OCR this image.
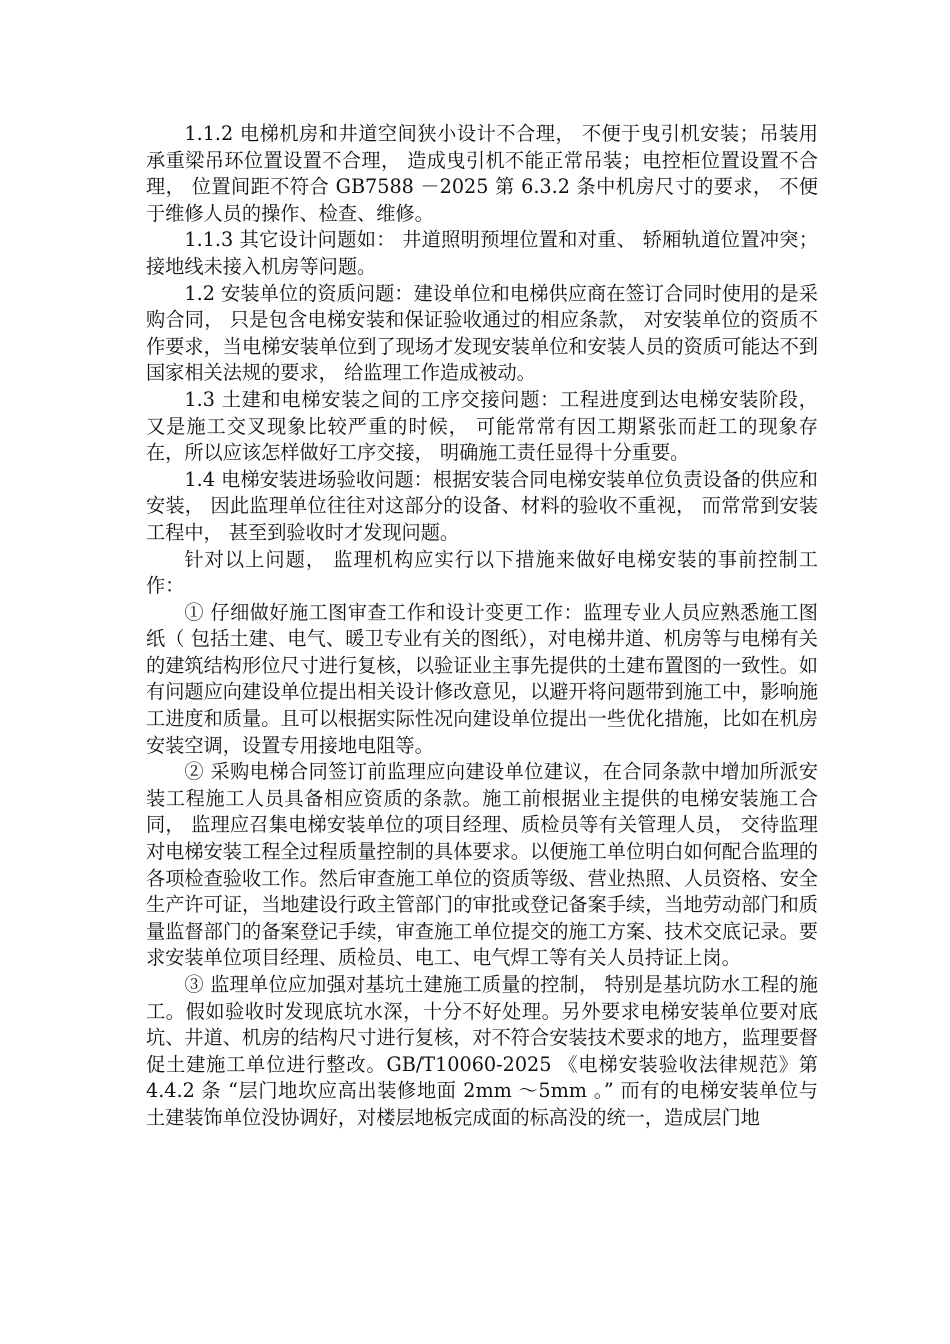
1.1.2 电梯机房和井道空间狭小设计不合理， 不便于曳引机安装；吊装用承重梁吊环位置设置不合理， 造成曳引机不能正常吊装；电控柜位置设置不合理， 位置间距不符合 GB7588 －2025 第 6.3.2 条中机房尺寸的要求， 不便于维修人员的操作、检查、维修。

1.1.3 其它设计问题如： 井道照明预埋位置和对重、 轿厢轨道位置冲突； 接地线未接入机房等问题。

1.2 安装单位的资质问题：建设单位和电梯供应商在签订合同时使用的是采购合同， 只是包含电梯安装和保证验收通过的相应条款， 对安装单位的资质不作要求，当电梯安装单位到了现场才发现安装单位和安装人员的资质可能达不到国家相关法规的要求， 给监理工作造成被动。

1.3 土建和电梯安装之间的工序交接问题：工程进度到达电梯安装阶段， 又是施工交叉现象比较严重的时候， 可能常常有因工期紧张而赶工的现象存在，所以应该怎样做好工序交接， 明确施工责任显得十分重要。

1.4 电梯安装进场验收问题：根据安装合同电梯安装单位负责设备的供应和安装， 因此监理单位往往对这部分的设备、材料的验收不重视， 而常常到安装工程中， 甚至到验收时才发现问题。

针对以上问题， 监理机构应实行以下措施来做好电梯安装的事前控制工作：

① 仔细做好施工图审查工作和设计变更工作：监理专业人员应熟悉施工图纸（ 包括土建、电气、暖卫专业有关的图纸），对电梯井道、机房等与电梯有关的建筑结构形位尺寸进行复核，以验证业主事先提供的土建布置图的一致性。如有问题应向建设单位提出相关设计修改意见，以避开将问题带到施工中，影响施工进度和质量。且可以根据实际性况向建设单位提出一些优化措施，比如在机房安装空调，设置专用接地电阻等。

② 采购电梯合同签订前监理应向建设单位建议，在合同条款中增加所派安装工程施工人员具备相应资质的条款。施工前根据业主提供的电梯安装施工合同， 监理应召集电梯安装单位的项目经理、质检员等有关管理人员， 交待监理对电梯安装工程全过程质量控制的具体要求。以便施工单位明白如何配合监理的各项检查验收工作。然后审查施工单位的资质等级、营业热照、人员资格、安全生产许可证，当地建设行政主管部门的审批或登记备案手续，当地劳动部门和质量监督部门的备案登记手续，审查施工单位提交的施工方案、技术交底记录。要求安装单位项目经理、质检员、电工、电气焊工等有关人员持证上岗。

③ 监理单位应加强对基坑土建施工质量的控制， 特别是基坑防水工程的施工。假如验收时发现底坑水深，十分不好处理。另外要求电梯安装单位要对底坑、井道、机房的结构尺寸进行复核，对不符合安装技术要求的地方，监理要督促土建施工单位进行整改。GB/T10060-2025 《电梯安装验收法律规范》第 4.4.2 条 “层门地坎应高出装修地面 2mm ～5mm 。” 而有的电梯安装单位与土建装饰单位没协调好，对楼层地板完成面的标高没的统一，造成层门地
